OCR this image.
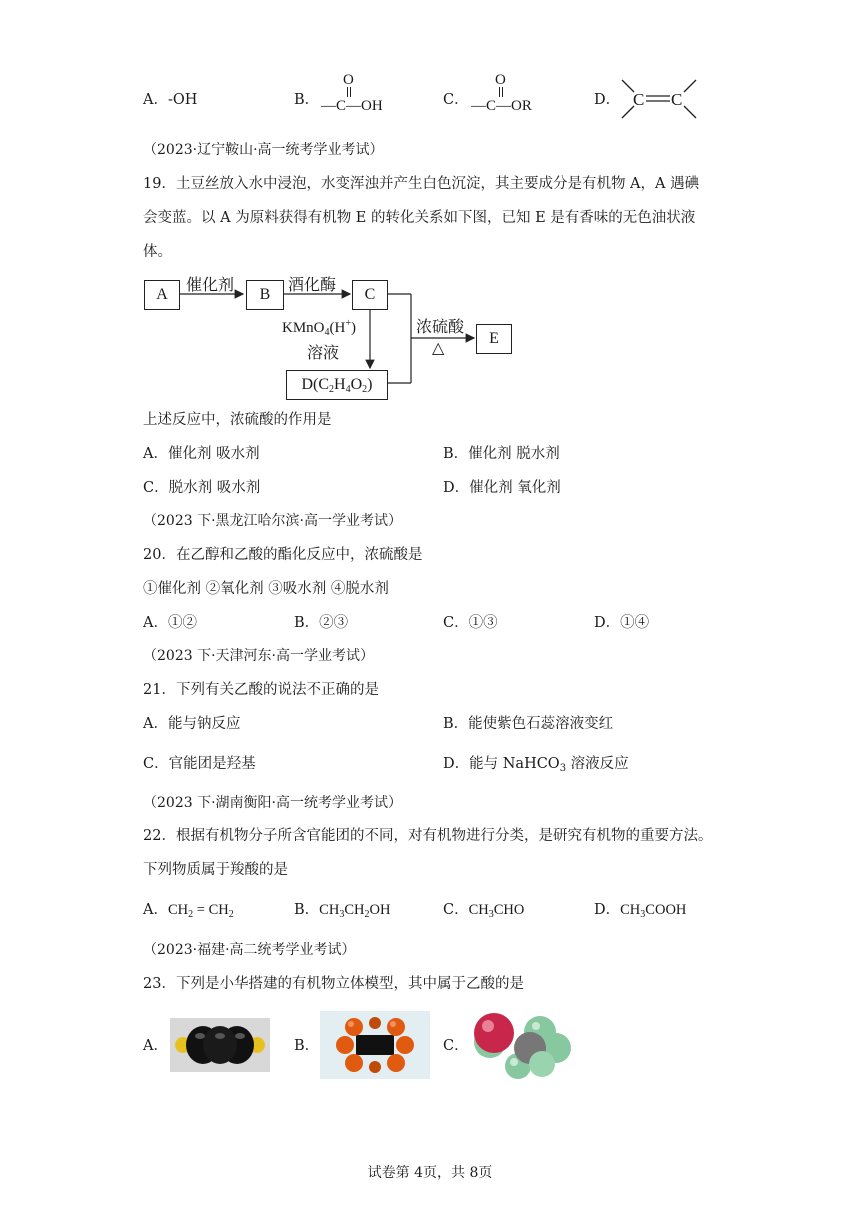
A．-OH	B．
O
—C—OH	C．
O
—C—OR	D． C C
（2023·辽宁鞍山·高一统考学业考试）
19．土豆丝放入水中浸泡，水变浑浊并产生白色沉淀，其主要成分是有机物 A，A 遇碘
会变蓝。以 A 为原料获得有机物 E 的转化关系如下图，已知 E 是有香味的无色油状液
体。
A	B	C
E
$D(C_2H_4O_2)$
催化剂	酒化酶
KMnO$_4$(H+)
溶液
浓硫酸
△
上述反应中，浓硫酸的作用是
A．催化剂 吸水剂	B．催化剂 脱水剂
C．脱水剂 吸水剂	D．催化剂 氧化剂
（2023 下·黑龙江哈尔滨·高一学业考试）
20．在乙醇和乙酸的酯化反应中，浓硫酸是
①催化剂 ②氧化剂 ③吸水剂 ④脱水剂
A．①②	B．②③	C．①③	D．①④
（2023 下·天津河东·高一学业考试）
21．下列有关乙酸的说法不正确的是
A．能与钠反应	B．能使紫色石蕊溶液变红
C．官能团是羟基	D．能与 NaHCO$_3$ 溶液反应
（2023 下·湖南衡阳·高一统考学业考试）
22．根据有机物分子所含官能团的不同，对有机物进行分类，是研究有机物的重要方法。
下列物质属于羧酸的是
A．$CH_2 = CH_2$	B．$CH_3CH_2OH$	C．$CH_3CHO$	D．$CH_3COOH$
（2023·福建·高二统考学业考试）
23．下列是小华搭建的有机物立体模型，其中属于乙酸的是
A．	B．	C．
试卷第 4页，共 8页
